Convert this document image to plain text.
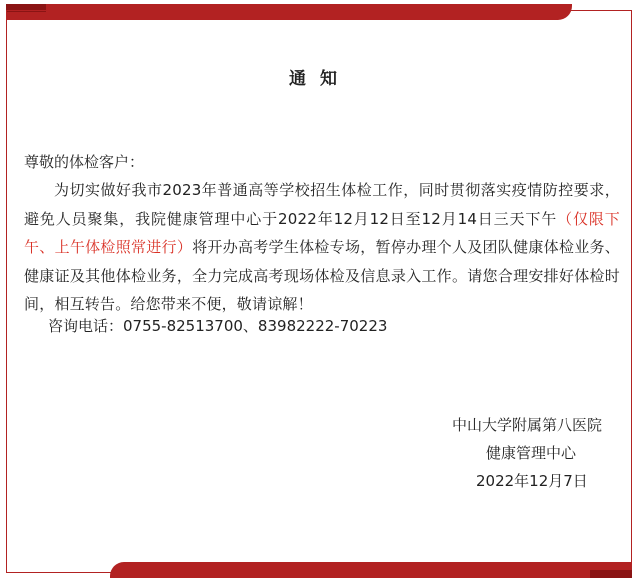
通知
尊敬的体检客户：
为切实做好我市2023年普通高等学校招生体检工作，同时贯彻落实疫情防控要求，避免人员聚集，我院健康管理中心于2022年12月12日至12月14日三天下午（仅限下午、上午体检照常进行）将开办高考学生体检专场，暂停办理个人及团队健康体检业务、健康证及其他体检业务，全力完成高考现场体检及信息录入工作。请您合理安排好体检时间，相互转告。给您带来不便，敬请谅解！
咨询电话：0755-82513700、83982222-70223
中山大学附属第八医院
健康管理中心
2022年12月7日
